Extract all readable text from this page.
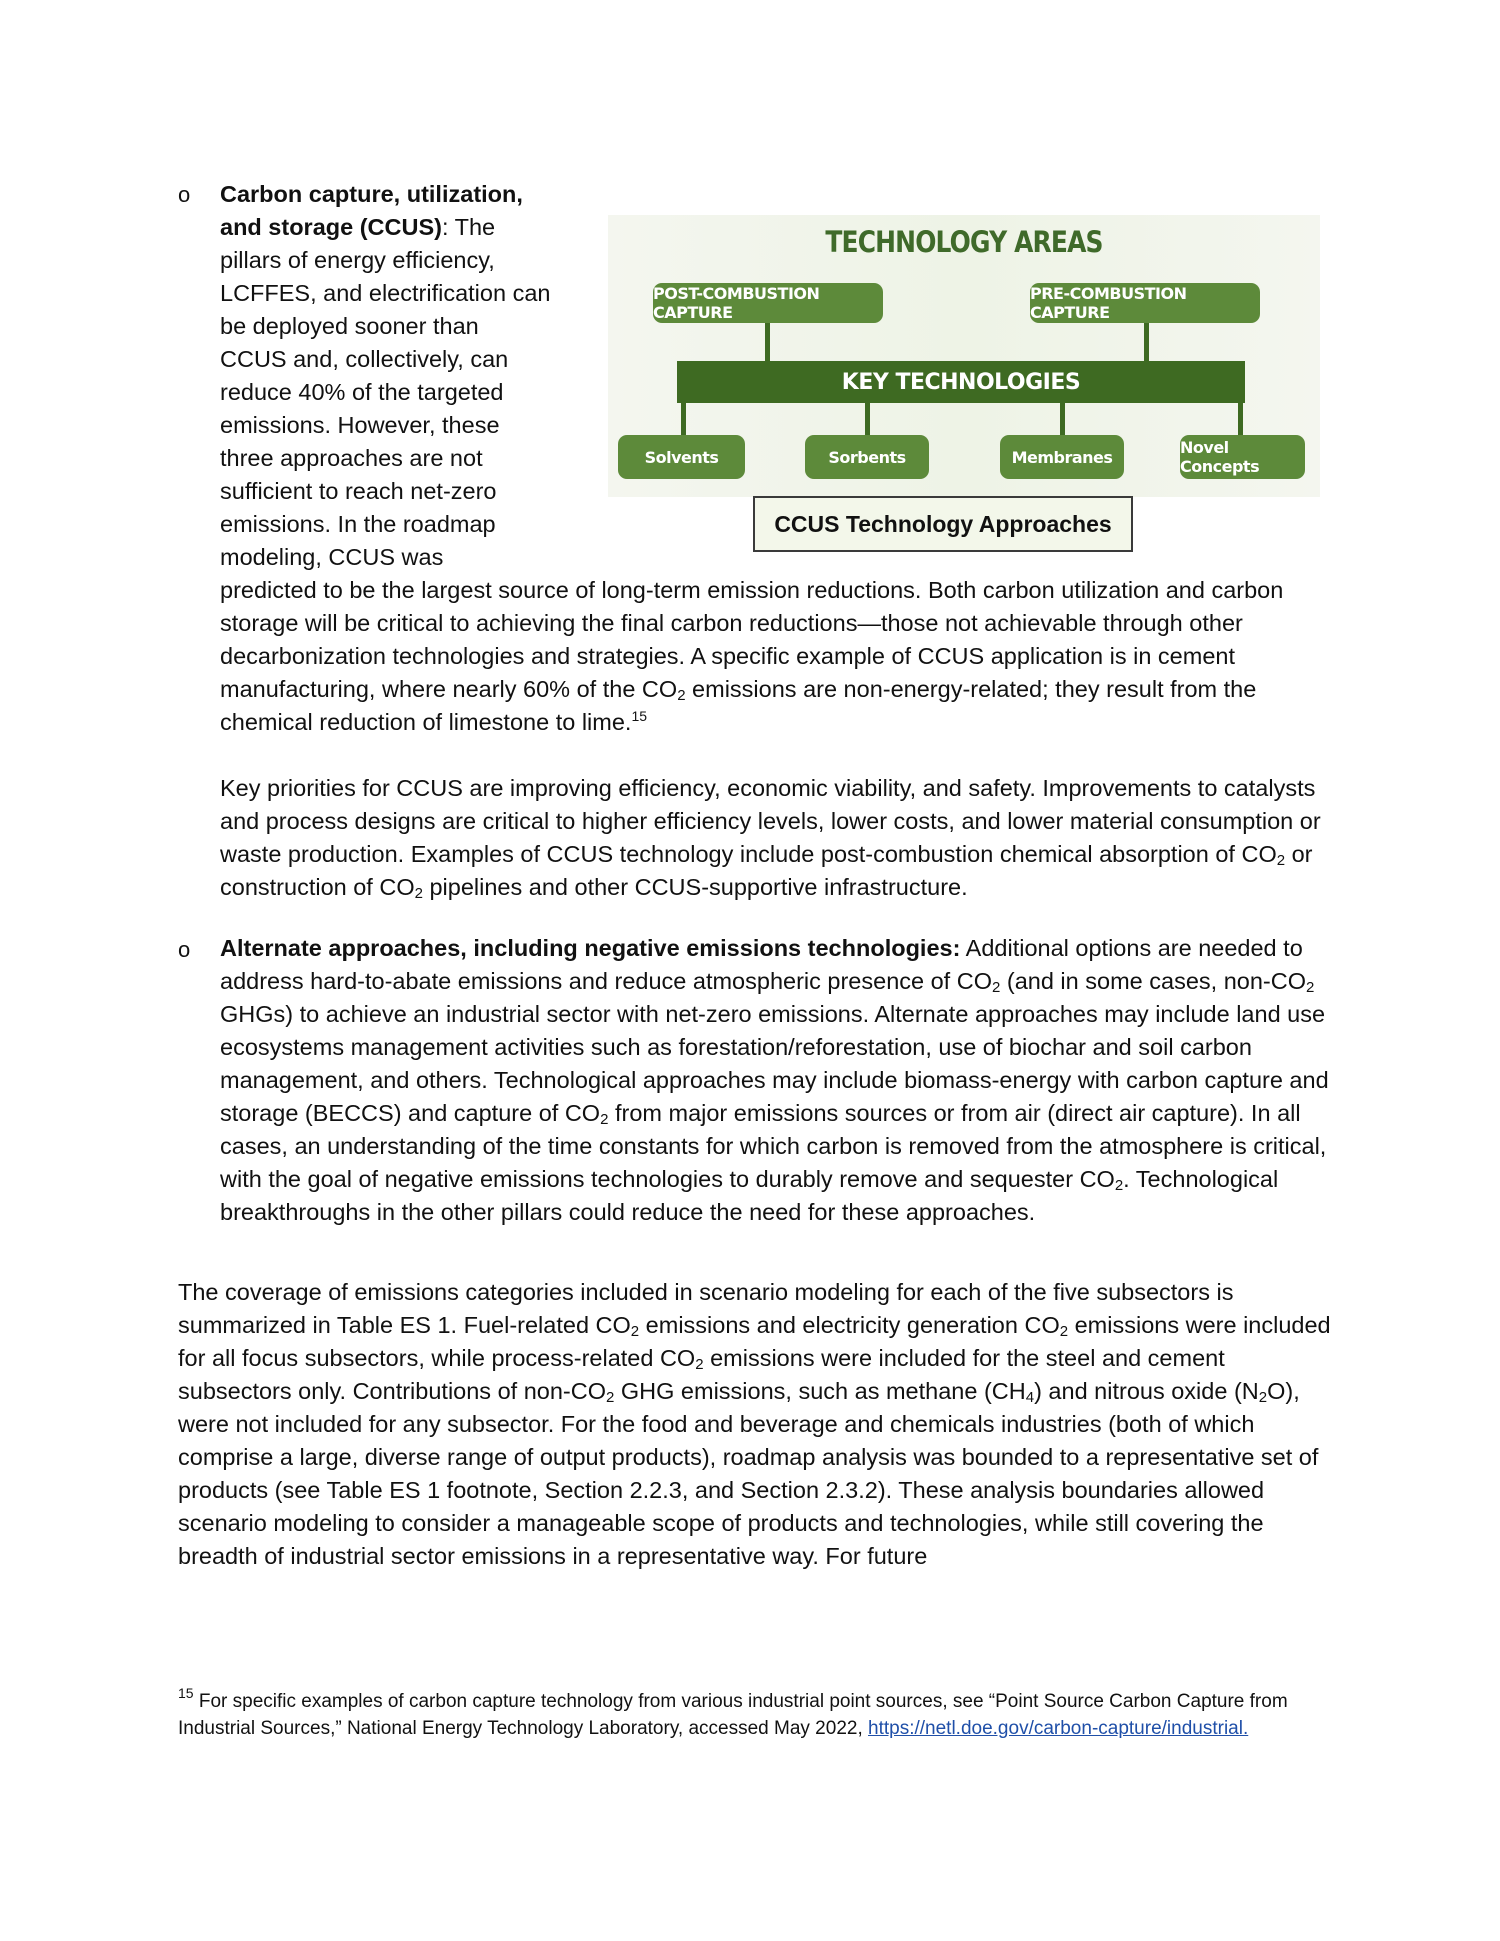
o Carbon capture, utilization,
and storage (CCUS): The
pillars of energy efficiency,
LCFFES, and electrification can
be deployed sooner than
CCUS and, collectively, can
reduce 40% of the targeted
emissions. However, these
three approaches are not
sufficient to reach net-zero
emissions. In the roadmap
modeling, CCUS was

predicted to be the largest source of long-term emission reductions. Both carbon utilization and carbon storage will be critical to achieving the final carbon reductions—those not achievable through other decarbonization technologies and strategies. A specific example of CCUS application is in cement manufacturing, where nearly 60% of the $CO_2$ emissions are non-energy-related; they result from the chemical reduction of limestone to lime.$^{15}$

Key priorities for CCUS are improving efficiency, economic viability, and safety. Improvements to catalysts and process designs are critical to higher efficiency levels, lower costs, and lower material consumption or waste production. Examples of CCUS technology include post-combustion chemical absorption of $CO_2$ or construction of $CO_2$ pipelines and other CCUS-supportive infrastructure.

TECHNOLOGY AREAS
POST-COMBUSTION CAPTURE
PRE-COMBUSTION CAPTURE
KEY TECHNOLOGIES
Solvents	Sorbents	Membranes	Novel Concepts
CCUS Technology Approaches
o Alternate approaches, including negative emissions technologies: Additional options are needed to address hard-to-abate emissions and reduce atmospheric presence of $CO_2$ (and in some cases, non-$CO_2$ GHGs) to achieve an industrial sector with net-zero emissions. Alternate approaches may include land use ecosystems management activities such as forestation/reforestation, use of biochar and soil carbon management, and others. Technological approaches may include biomass-energy with carbon capture and storage (BECCS) and capture of $CO_2$ from major emissions sources or from air (direct air capture). In all cases, an understanding of the time constants for which carbon is removed from the atmosphere is critical, with the goal of negative emissions technologies to durably remove and sequester $CO_2$. Technological breakthroughs in the other pillars could reduce the need for these approaches.

The coverage of emissions categories included in scenario modeling for each of the five subsectors is summarized in Table ES 1. Fuel-related $CO_2$ emissions and electricity generation $CO_2$ emissions were included for all focus subsectors, while process-related $CO_2$ emissions were included for the steel and cement subsectors only. Contributions of non-$CO_2$ GHG emissions, such as methane $(CH_4)$ and nitrous oxide $(N_2O)$, were not included for any subsector. For the food and beverage and chemicals industries (both of which comprise a large, diverse range of output products), roadmap analysis was bounded to a representative set of products (see Table ES 1 footnote, Section 2.2.3, and Section 2.3.2). These analysis boundaries allowed scenario modeling to consider a manageable scope of products and technologies, while still covering the breadth of industrial sector emissions in a representative way. For future

$^{15}$ For specific examples of carbon capture technology from various industrial point sources, see “Point Source Carbon Capture from Industrial Sources,” National Energy Technology Laboratory, accessed May 2022, https://netl.doe.gov/carbon-capture/industrial.
